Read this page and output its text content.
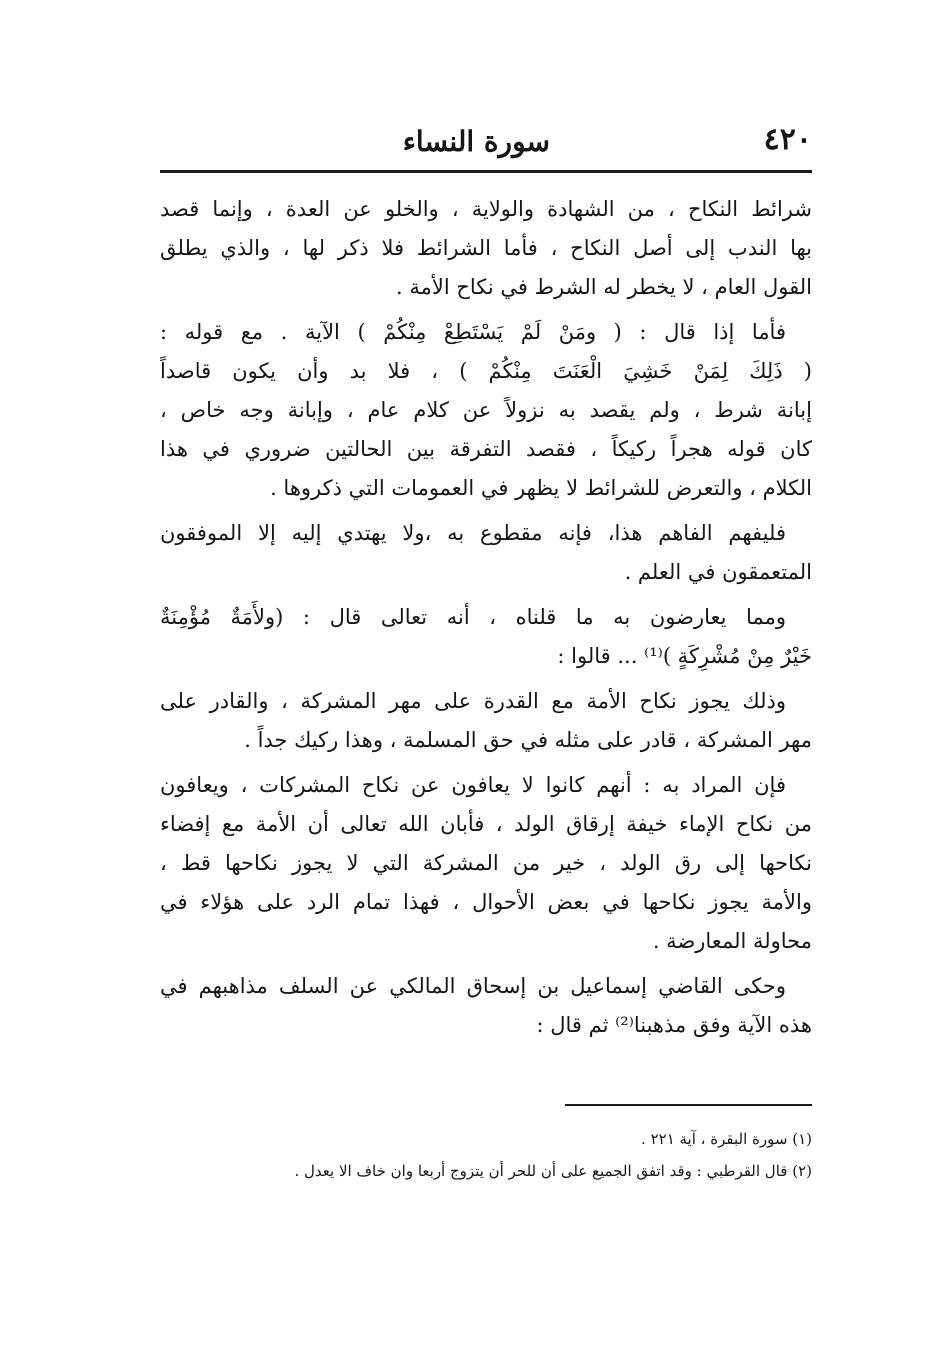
٤٢٠
سورة النساء
شرائط النكاح ، من الشهادة والولاية ، والخلو عن العدة ، وإنما قصد
بها الندب إلى أصل النكاح ، فأما الشرائط فلا ذكر لها ، والذي يطلق
القول العام ، لا يخطر له الشرط في نكاح الأمة .
فأما إذا قال : ( ومَنْ لَمْ يَسْتَطِعْ مِنْكُمْ ) الآية . مع قوله :
( ذَلِكَ لِمَنْ خَشِيَ الْعَنَتَ مِنْكُمْ ) ، فلا بد وأن يكون قاصداً
إبانة شرط ، ولم يقصد به نزولاً عن كلام عام ، وإبانة وجه خاص ،
كان قوله هجراً ركيكاً ، فقصد التفرقة بين الحالتين ضروري في هذا
الكلام ، والتعرض للشرائط لا يظهر في العمومات التي ذكروها .
فليفهم الفاهم هذا، فإنه مقطوع به ،ولا يهتدي إليه إلا الموفقون
المتعمقون في العلم .
ومما يعارضون به ما قلناه ، أنه تعالى قال : (ولأَمَةٌ مُؤْمِنَةٌ
خَيْرٌ مِنْ مُشْرِكَةٍ )⁽¹⁾ ... قالوا :
وذلك يجوز نكاح الأمة مع القدرة على مهر المشركة ، والقادر على
مهر المشركة ، قادر على مثله في حق المسلمة ، وهذا ركيك جداً .
فإن المراد به : أنهم كانوا لا يعافون عن نكاح المشركات ، ويعافون
من نكاح الإماء خيفة إرقاق الولد ، فأبان الله تعالى أن الأمة مع إفضاء
نكاحها إلى رق الولد ، خير من المشركة التي لا يجوز نكاحها قط ،
والأمة يجوز نكاحها في بعض الأحوال ، فهذا تمام الرد على هؤلاء في
محاولة المعارضة .
وحكى القاضي إسماعيل بن إسحاق المالكي عن السلف مذاهبهم في
هذه الآية وفق مذهبنا⁽²⁾ ثم قال :
(١) سورة البقرة ، آية ٢٢١ .
(٢) قال القرطبي : وقد اتفق الجميع على أن للحر أن يتزوج أربعا وان خاف الا يعدل .
